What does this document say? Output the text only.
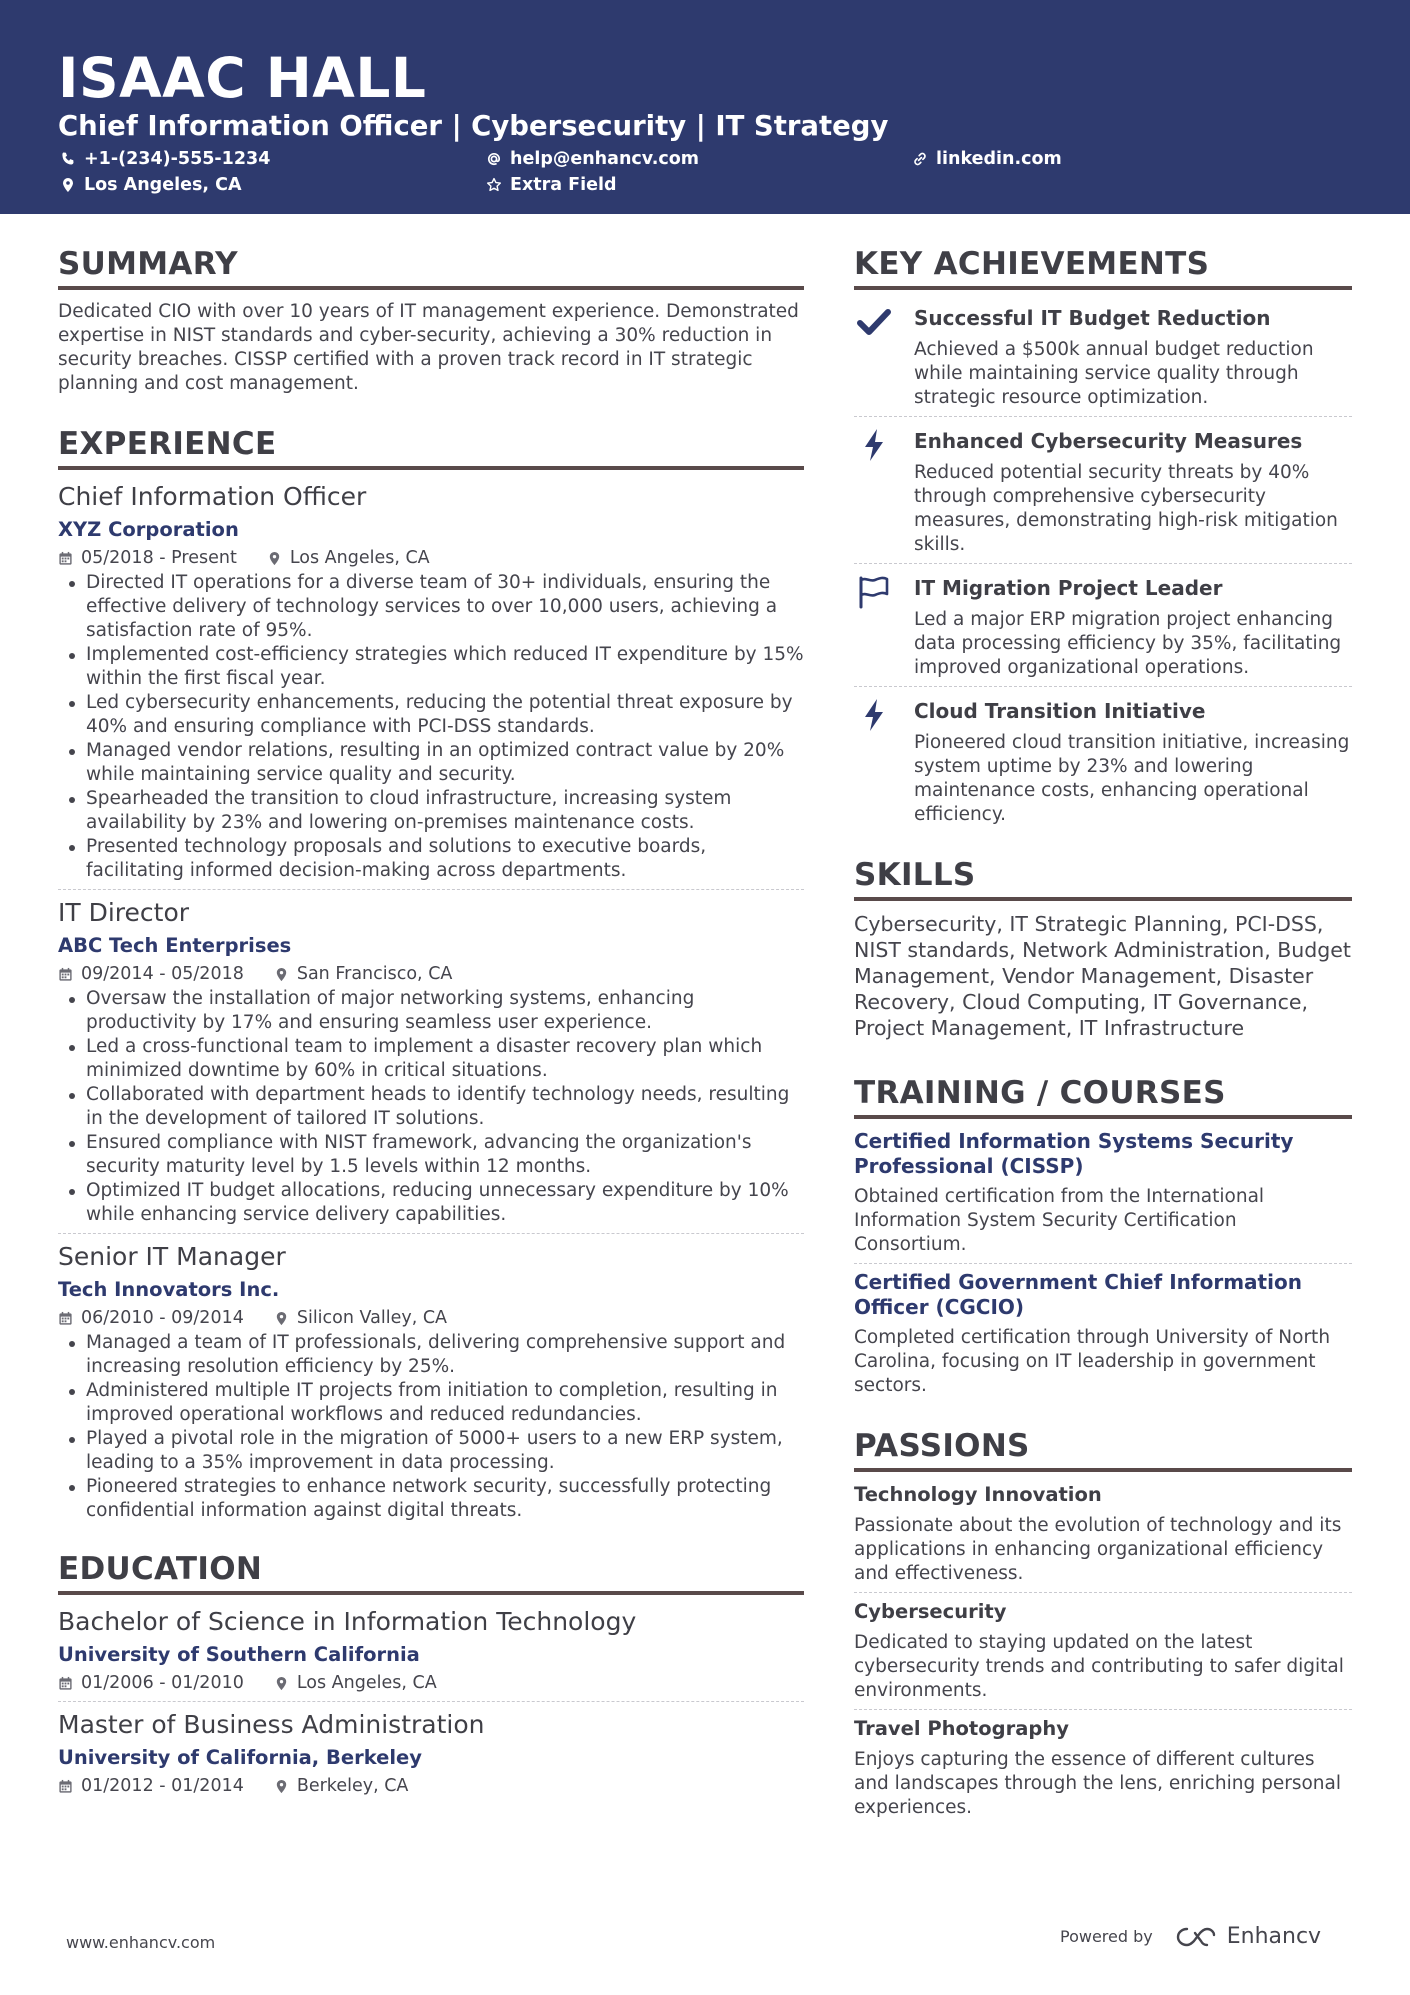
ISAAC HALL
Chief Information Officer | Cybersecurity | IT Strategy
+1-(234)-555-1234	help@enhancv.com	linkedin.com
Los Angeles, CA	Extra Field
SUMMARY
Dedicated CIO with over 10 years of IT management experience. Demonstrated expertise in NIST standards and cyber-security, achieving a 30% reduction in security breaches. CISSP certified with a proven track record in IT strategic planning and cost management.
EXPERIENCE
Chief Information Officer
XYZ Corporation
05/2018 - Present	Los Angeles, CA
Directed IT operations for a diverse team of 30+ individuals, ensuring the effective delivery of technology services to over 10,000 users, achieving a satisfaction rate of 95%.
Implemented cost-efficiency strategies which reduced IT expenditure by 15% within the first fiscal year.
Led cybersecurity enhancements, reducing the potential threat exposure by 40% and ensuring compliance with PCI-DSS standards.
Managed vendor relations, resulting in an optimized contract value by 20% while maintaining service quality and security.
Spearheaded the transition to cloud infrastructure, increasing system availability by 23% and lowering on-premises maintenance costs.
Presented technology proposals and solutions to executive boards, facilitating informed decision-making across departments.
IT Director
ABC Tech Enterprises
09/2014 - 05/2018	San Francisco, CA
Oversaw the installation of major networking systems, enhancing productivity by 17% and ensuring seamless user experience.
Led a cross-functional team to implement a disaster recovery plan which minimized downtime by 60% in critical situations.
Collaborated with department heads to identify technology needs, resulting in the development of tailored IT solutions.
Ensured compliance with NIST framework, advancing the organization's security maturity level by 1.5 levels within 12 months.
Optimized IT budget allocations, reducing unnecessary expenditure by 10% while enhancing service delivery capabilities.
Senior IT Manager
Tech Innovators Inc.
06/2010 - 09/2014	Silicon Valley, CA
Managed a team of IT professionals, delivering comprehensive support and increasing resolution efficiency by 25%.
Administered multiple IT projects from initiation to completion, resulting in improved operational workflows and reduced redundancies.
Played a pivotal role in the migration of 5000+ users to a new ERP system, leading to a 35% improvement in data processing.
Pioneered strategies to enhance network security, successfully protecting confidential information against digital threats.
EDUCATION
Bachelor of Science in Information Technology
University of Southern California
01/2006 - 01/2010	Los Angeles, CA
Master of Business Administration
University of California, Berkeley
01/2012 - 01/2014	Berkeley, CA
KEY ACHIEVEMENTS
Successful IT Budget Reduction
Achieved a $500k annual budget reduction while maintaining service quality through strategic resource optimization.
Enhanced Cybersecurity Measures
Reduced potential security threats by 40% through comprehensive cybersecurity measures, demonstrating high-risk mitigation skills.
IT Migration Project Leader
Led a major ERP migration project enhancing data processing efficiency by 35%, facilitating improved organizational operations.
Cloud Transition Initiative
Pioneered cloud transition initiative, increasing system uptime by 23% and lowering maintenance costs, enhancing operational efficiency.
SKILLS
Cybersecurity, IT Strategic Planning, PCI-DSS, NIST standards, Network Administration, Budget Management, Vendor Management, Disaster Recovery, Cloud Computing, IT Governance, Project Management, IT Infrastructure
TRAINING / COURSES
Certified Information Systems Security Professional (CISSP)
Obtained certification from the International Information System Security Certification Consortium.
Certified Government Chief Information Officer (CGCIO)
Completed certification through University of North Carolina, focusing on IT leadership in government sectors.
PASSIONS
Technology Innovation
Passionate about the evolution of technology and its applications in enhancing organizational efficiency and effectiveness.
Cybersecurity
Dedicated to staying updated on the latest cybersecurity trends and contributing to safer digital environments.
Travel Photography
Enjoys capturing the essence of different cultures and landscapes through the lens, enriching personal experiences.
www.enhancv.com	Powered by	Enhancv
